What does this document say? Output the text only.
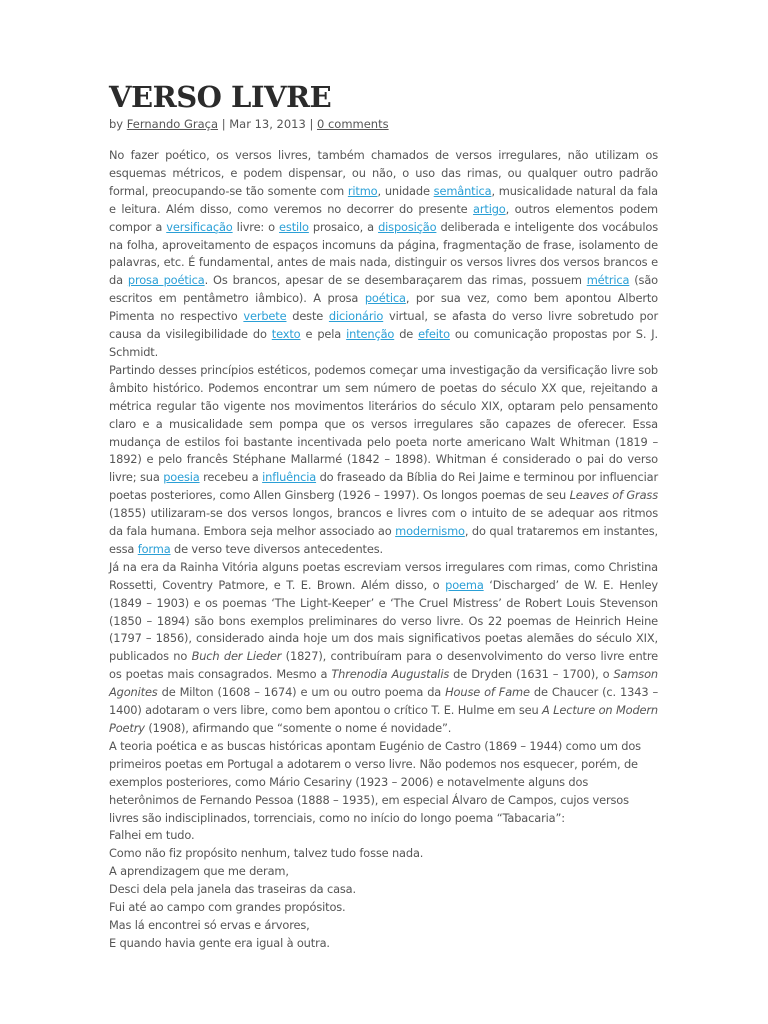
VERSO LIVRE
by Fernando Graça | Mar 13, 2013 | 0 comments

No fazer poético, os versos livres, também chamados de versos irregulares, não utilizam os esquemas métricos, e podem dispensar, ou não, o uso das rimas, ou qualquer outro padrão formal, preocupando-se tão somente com ritmo, unidade semântica, musicalidade natural da fala e leitura. Além disso, como veremos no decorrer do presente artigo, outros elementos podem compor a versificação livre: o estilo prosaico, a disposição deliberada e inteligente dos vocábulos na folha, aproveitamento de espaços incomuns da página, fragmentação de frase, isolamento de palavras, etc. É fundamental, antes de mais nada, distinguir os versos livres dos versos brancos e da prosa poética. Os brancos, apesar de se desembaraçarem das rimas, possuem métrica (são escritos em pentâmetro iâmbico). A prosa poética, por sua vez, como bem apontou Alberto Pimenta no respectivo verbete deste dicionário virtual, se afasta do verso livre sobretudo por causa da visilegibilidade do texto e pela intenção de efeito ou comunicação propostas por S. J. Schmidt.

Partindo desses princípios estéticos, podemos começar uma investigação da versificação livre sob âmbito histórico. Podemos encontrar um sem número de poetas do século XX que, rejeitando a métrica regular tão vigente nos movimentos literários do século XIX, optaram pelo pensamento claro e a musicalidade sem pompa que os versos irregulares são capazes de oferecer. Essa mudança de estilos foi bastante incentivada pelo poeta norte americano Walt Whitman (1819 – 1892) e pelo francês Stéphane Mallarmé (1842 – 1898). Whitman é considerado o pai do verso livre; sua poesia recebeu a influência do fraseado da Bíblia do Rei Jaime e terminou por influenciar poetas posteriores, como Allen Ginsberg (1926 – 1997). Os longos poemas de seu Leaves of Grass (1855) utilizaram-se dos versos longos, brancos e livres com o intuito de se adequar aos ritmos da fala humana. Embora seja melhor associado ao modernismo, do qual trataremos em instantes, essa forma de verso teve diversos antecedentes.

Já na era da Rainha Vitória alguns poetas escreviam versos irregulares com rimas, como Christina Rossetti, Coventry Patmore, e T. E. Brown. Além disso, o poema ‘Discharged’ de W. E. Henley (1849 – 1903) e os poemas ‘The Light-Keeper’ e ‘The Cruel Mistress’ de Robert Louis Stevenson (1850 – 1894) são bons exemplos preliminares do verso livre. Os 22 poemas de Heinrich Heine (1797 – 1856), considerado ainda hoje um dos mais significativos poetas alemães do século XIX, publicados no Buch der Lieder (1827), contribuíram para o desenvolvimento do verso livre entre os poetas mais consagrados. Mesmo a Threnodia Augustalis de Dryden (1631 – 1700), o Samson Agonites de Milton (1608 – 1674) e um ou outro poema da House of Fame de Chaucer (c. 1343 – 1400) adotaram o vers libre, como bem apontou o crítico T. E. Hulme em seu A Lecture on Modern Poetry (1908), afirmando que “somente o nome é novidade”.

A teoria poética e as buscas históricas apontam Eugénio de Castro (1869 – 1944) como um dos primeiros poetas em Portugal a adotarem o verso livre. Não podemos nos esquecer, porém, de exemplos posteriores, como Mário Cesariny (1923 – 2006) e notavelmente alguns dos heterônimos de Fernando Pessoa (1888 – 1935), em especial Álvaro de Campos, cujos versos livres são indisciplinados, torrenciais, como no início do longo poema “Tabacaria”:

Falhei em tudo.

Como não fiz propósito nenhum, talvez tudo fosse nada.

A aprendizagem que me deram,

Desci dela pela janela das traseiras da casa.

Fui até ao campo com grandes propósitos.

Mas lá encontrei só ervas e árvores,

E quando havia gente era igual à outra.
